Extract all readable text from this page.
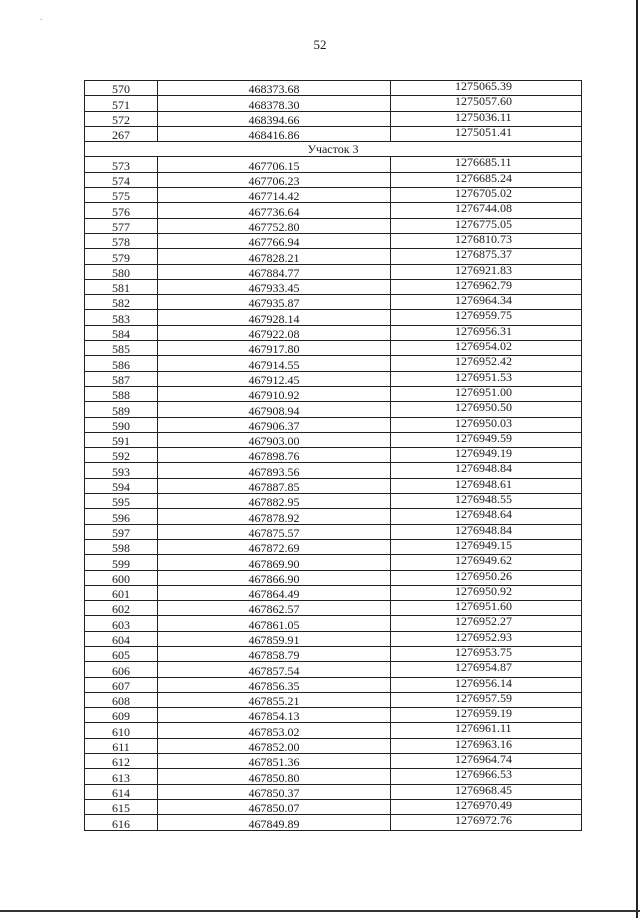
.
52
570	468373.68	1275065.39
571	468378.30	1275057.60
572	468394.66	1275036.11
267	468416.86	1275051.41
Участок 3		
573	467706.15	1276685.11
574	467706.23	1276685.24
575	467714.42	1276705.02
576	467736.64	1276744.08
577	467752.80	1276775.05
578	467766.94	1276810.73
579	467828.21	1276875.37
580	467884.77	1276921.83
581	467933.45	1276962.79
582	467935.87	1276964.34
583	467928.14	1276959.75
584	467922.08	1276956.31
585	467917.80	1276954.02
586	467914.55	1276952.42
587	467912.45	1276951.53
588	467910.92	1276951.00
589	467908.94	1276950.50
590	467906.37	1276950.03
591	467903.00	1276949.59
592	467898.76	1276949.19
593	467893.56	1276948.84
594	467887.85	1276948.61
595	467882.95	1276948.55
596	467878.92	1276948.64
597	467875.57	1276948.84
598	467872.69	1276949.15
599	467869.90	1276949.62
600	467866.90	1276950.26
601	467864.49	1276950.92
602	467862.57	1276951.60
603	467861.05	1276952.27
604	467859.91	1276952.93
605	467858.79	1276953.75
606	467857.54	1276954.87
607	467856.35	1276956.14
608	467855.21	1276957.59
609	467854.13	1276959.19
610	467853.02	1276961.11
611	467852.00	1276963.16
612	467851.36	1276964.74
613	467850.80	1276966.53
614	467850.37	1276968.45
615	467850.07	1276970.49
616	467849.89	1276972.76
